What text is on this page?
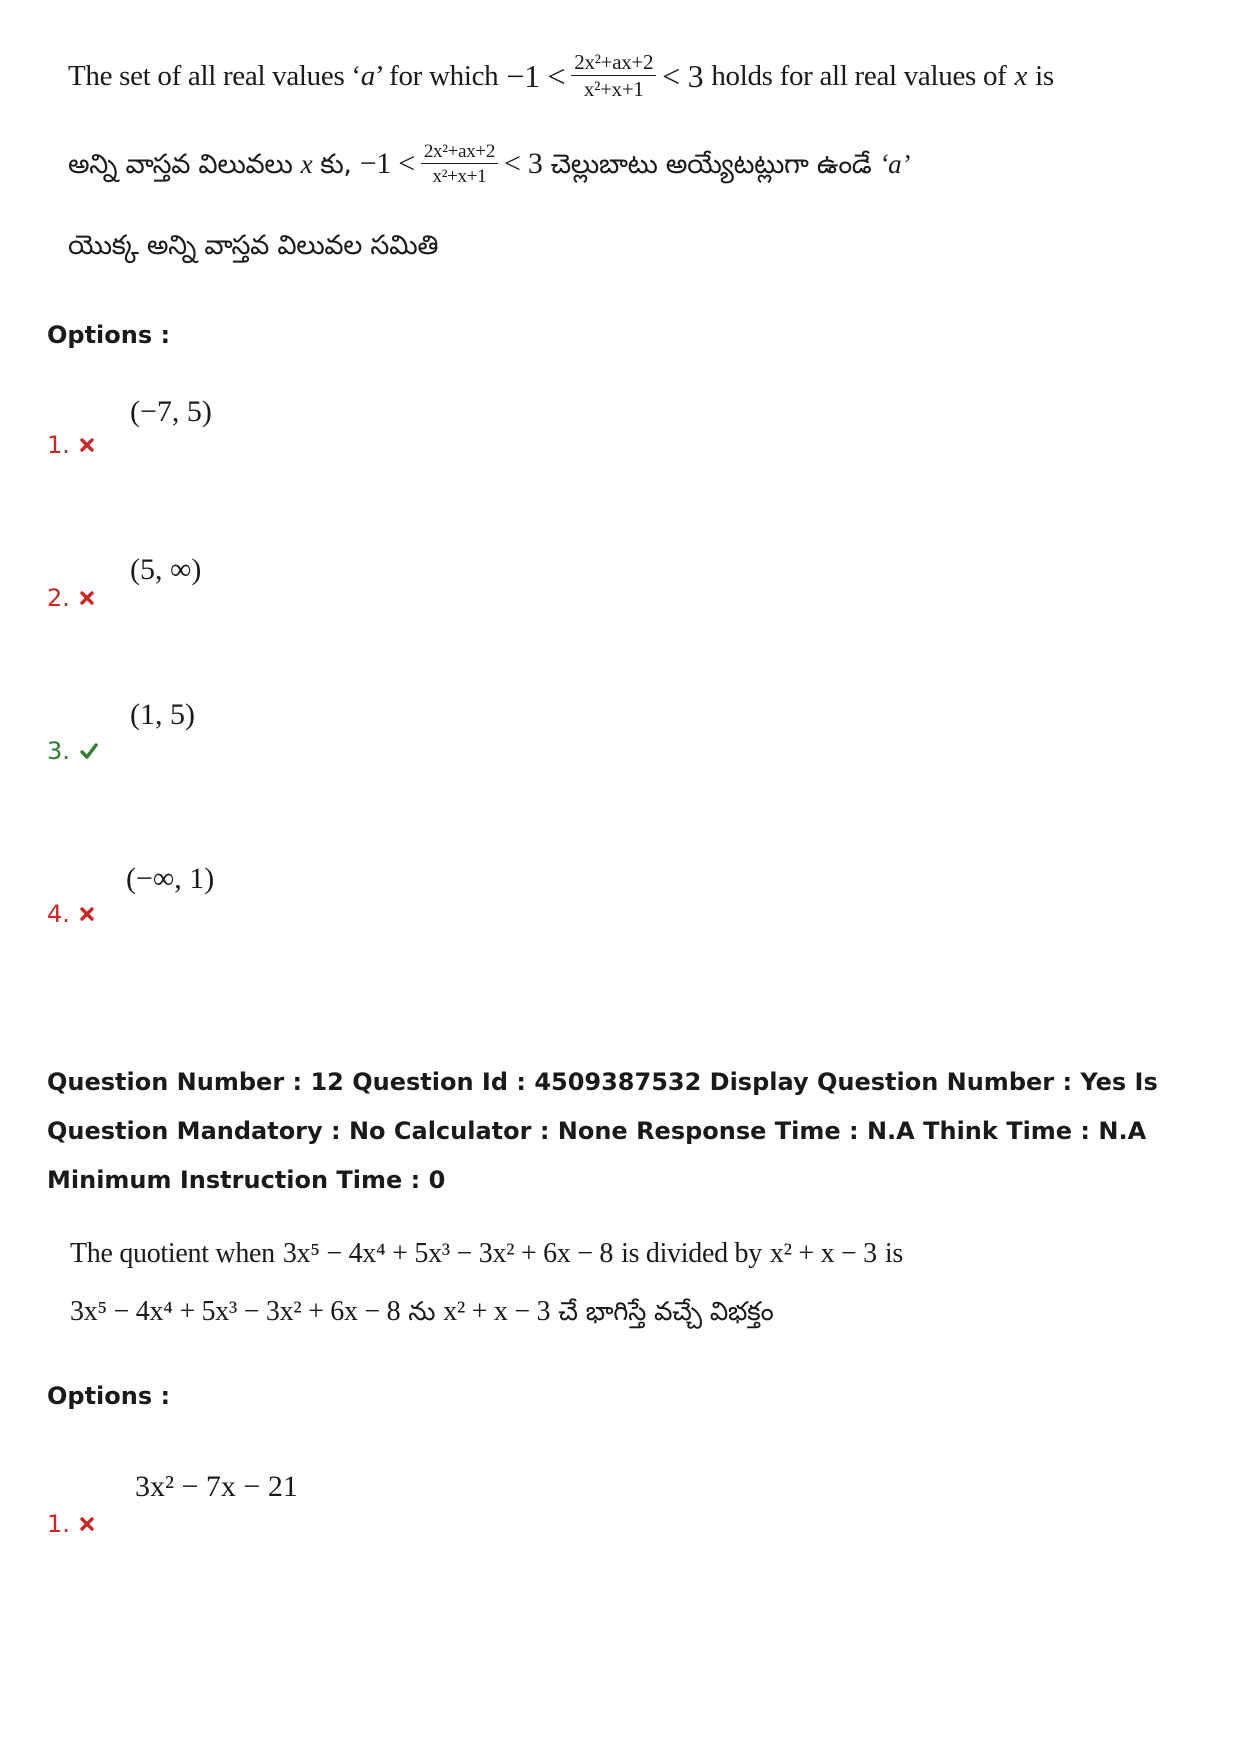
The set of all real values ‘ a ’ for which $-1 < \frac{\text{2x²+ax+2}}{\text{x²+x+1}} < 3$ holds for all real values of x is
అన్ని వాస్తవ విలువలు x కు, $-1 < \frac{\text{2x²+ax+2}}{\text{x²+x+1}} < 3$ చెల్లుబాటు అయ్యేటట్లుగా ఉండే ‘a’
యొక్క అన్ని వాస్తవ విలువల సమితి
Options :
(−7, 5)
1.
(5, ∞)
2.
(1, 5)
3.
(−∞, 1)
4.
Question Number : 12 Question Id : 4509387532 Display Question Number : Yes Is Question Mandatory : No Calculator : None Response Time : N.A Think Time : N.A Minimum Instruction Time : 0
The quotient when 3x⁵ − 4x⁴ + 5x³ − 3x² + 6x − 8 is divided by x² + x − 3 is
3x⁵ − 4x⁴ + 5x³ − 3x² + 6x − 8 ను x² + x − 3 చే భాగిస్తే వచ్చే విభక్తం
Options :
3x² − 7x − 21
1.
